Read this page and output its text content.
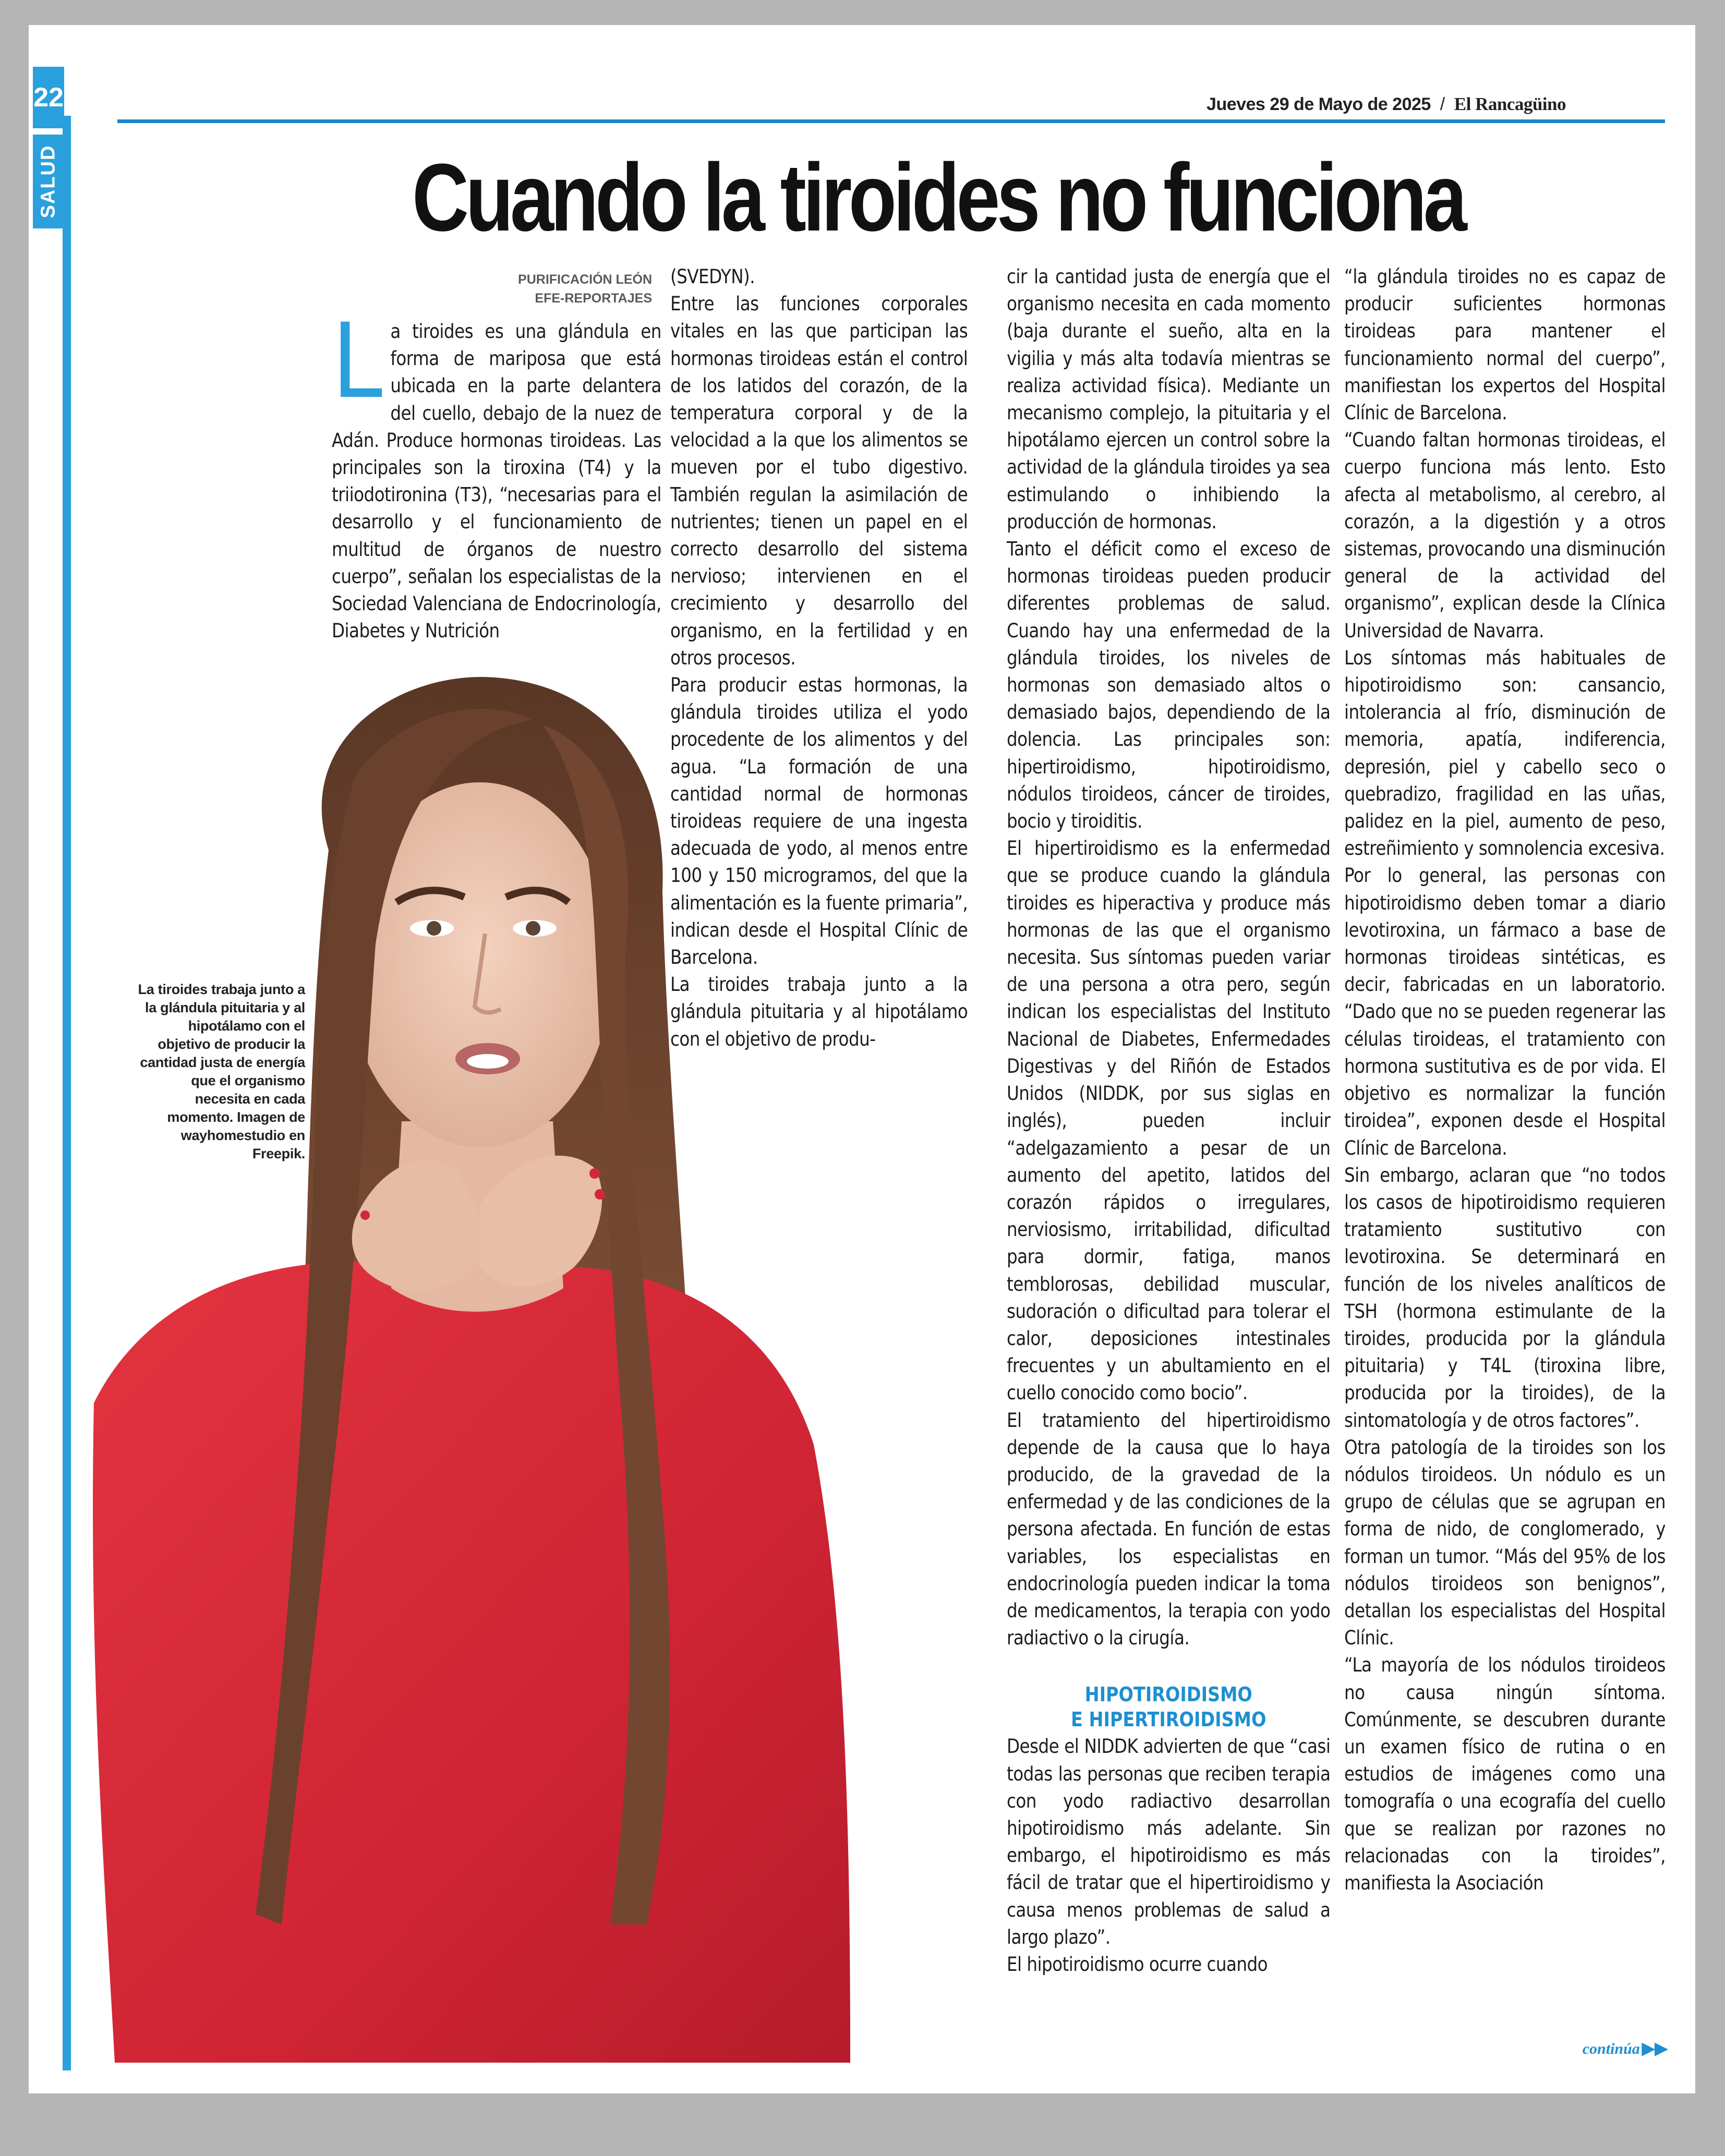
SALUD
22	Jueves 29 de Mayo de 2025 / El Rancagüino
Cuando la tiroides no funciona
PURIFICACIÓN LEÓN
EFE-REPORTAJES
La tiroides trabaja junto a la glándula pituitaria y al hipotálamo con el objetivo de producir la cantidad justa de energía que el organismo necesita en cada momento. Imagen de wayhomestudio en Freepik.
L a tiroides es una glándula en forma de mariposa que está ubicada en la parte delantera del cuello, debajo de la nuez de Adán. Produce hormonas tiroideas. Las principales son la tiroxina (T4) y la triiodotironina (T3), “necesarias para el desarrollo y el funcionamiento de multitud de órganos de nuestro cuerpo”, señalan los especialistas de la Sociedad Valenciana de Endocrinología, Diabetes y Nutrición

(SVEDYN).

Entre las funciones corporales vitales en las que participan las hormonas tiroideas están el control de los latidos del corazón, de la temperatura corporal y de la velocidad a la que los alimentos se mueven por el tubo digestivo. También regulan la asimilación de nutrientes; tienen un papel en el correcto desarrollo del sistema nervioso; intervienen en el crecimiento y desarrollo del organismo, en la fertilidad y en otros procesos.

Para producir estas hormonas, la glándula tiroides utiliza el yodo procedente de los alimentos y del agua. “La formación de una cantidad normal de hormonas tiroideas requiere de una ingesta adecuada de yodo, al menos entre 100 y 150 microgramos, del que la alimentación es la fuente primaria”, indican desde el Hospital Clínic de Barcelona.

La tiroides trabaja junto a la glándula pituitaria y al hipotálamo con el objetivo de produ-

cir la cantidad justa de energía que el organismo necesita en cada momento (baja durante el sueño, alta en la vigilia y más alta todavía mientras se realiza actividad física). Mediante un mecanismo complejo, la pituitaria y el hipotálamo ejercen un control sobre la actividad de la glándula tiroides ya sea estimulando o inhibiendo la producción de hormonas.

Tanto el déficit como el exceso de hormonas tiroideas pueden producir diferentes problemas de salud. Cuando hay una enfermedad de la glándula tiroides, los niveles de hormonas son demasiado altos o demasiado bajos, dependiendo de la dolencia. Las principales son: hipertiroidismo, hipotiroidismo, nódulos tiroideos, cáncer de tiroides, bocio y tiroiditis.

El hipertiroidismo es la enfermedad que se produce cuando la glándula tiroides es hiperactiva y produce más hormonas de las que el organismo necesita. Sus síntomas pueden variar de una persona a otra pero, según indican los especialistas del Instituto Nacional de Diabetes, Enfermedades Digestivas y del Riñón de Estados Unidos (NIDDK, por sus siglas en inglés), pueden incluir “adelgazamiento a pesar de un aumento del apetito, latidos del corazón rápidos o irregulares, nerviosismo, irritabilidad, dificultad para dormir, fatiga, manos temblorosas, debilidad muscular, sudoración o dificultad para tolerar el calor, deposiciones intestinales frecuentes y un abultamiento en el cuello conocido como bocio”.

El tratamiento del hipertiroidismo depende de la causa que lo haya producido, de la gravedad de la enfermedad y de las condiciones de la persona afectada. En función de estas variables, los especialistas en endocrinología pueden indicar la toma de medicamentos, la terapia con yodo radiactivo o la cirugía.

HIPOTIROIDISMO
E HIPERTIROIDISMO

Desde el NIDDK advierten de que “casi todas las personas que reciben terapia con yodo radiactivo desarrollan hipotiroidismo más adelante. Sin embargo, el hipotiroidismo es más fácil de tratar que el hipertiroidismo y causa menos problemas de salud a largo plazo”.

El hipotiroidismo ocurre cuando

“la glándula tiroides no es capaz de producir suficientes hormonas tiroideas para mantener el funcionamiento normal del cuerpo”, manifiestan los expertos del Hospital Clínic de Barcelona.

“Cuando faltan hormonas tiroideas, el cuerpo funciona más lento. Esto afecta al metabolismo, al cerebro, al corazón, a la digestión y a otros sistemas, provocando una disminución general de la actividad del organismo”, explican desde la Clínica Universidad de Navarra.

Los síntomas más habituales de hipotiroidismo son: cansancio, intolerancia al frío, disminución de memoria, apatía, indiferencia, depresión, piel y cabello seco o quebradizo, fragilidad en las uñas, palidez en la piel, aumento de peso, estreñimiento y somnolencia excesiva.

Por lo general, las personas con hipotiroidismo deben tomar a diario levotiroxina, un fármaco a base de hormonas tiroideas sintéticas, es decir, fabricadas en un laboratorio. “Dado que no se pueden regenerar las células tiroideas, el tratamiento con hormona sustitutiva es de por vida. El objetivo es normalizar la función tiroidea”, exponen desde el Hospital Clínic de Barcelona.

Sin embargo, aclaran que “no todos los casos de hipotiroidismo requieren tratamiento sustitutivo con levotiroxina. Se determinará en función de los niveles analíticos de TSH (hormona estimulante de la tiroides, producida por la glándula pituitaria) y T4L (tiroxina libre, producida por la tiroides), de la sintomatología y de otros factores”.

Otra patología de la tiroides son los nódulos tiroideos. Un nódulo es un grupo de células que se agrupan en forma de nido, de conglomerado, y forman un tumor. “Más del 95% de los nódulos tiroideos son benignos”, detallan los especialistas del Hospital Clínic.

“La mayoría de los nódulos tiroideos no causa ningún síntoma. Comúnmente, se descubren durante un examen físico de rutina o en estudios de imágenes como una tomografía o una ecografía del cuello que se realizan por razones no relacionadas con la tiroides”, manifiesta la Asociación

continúa ▶▶
